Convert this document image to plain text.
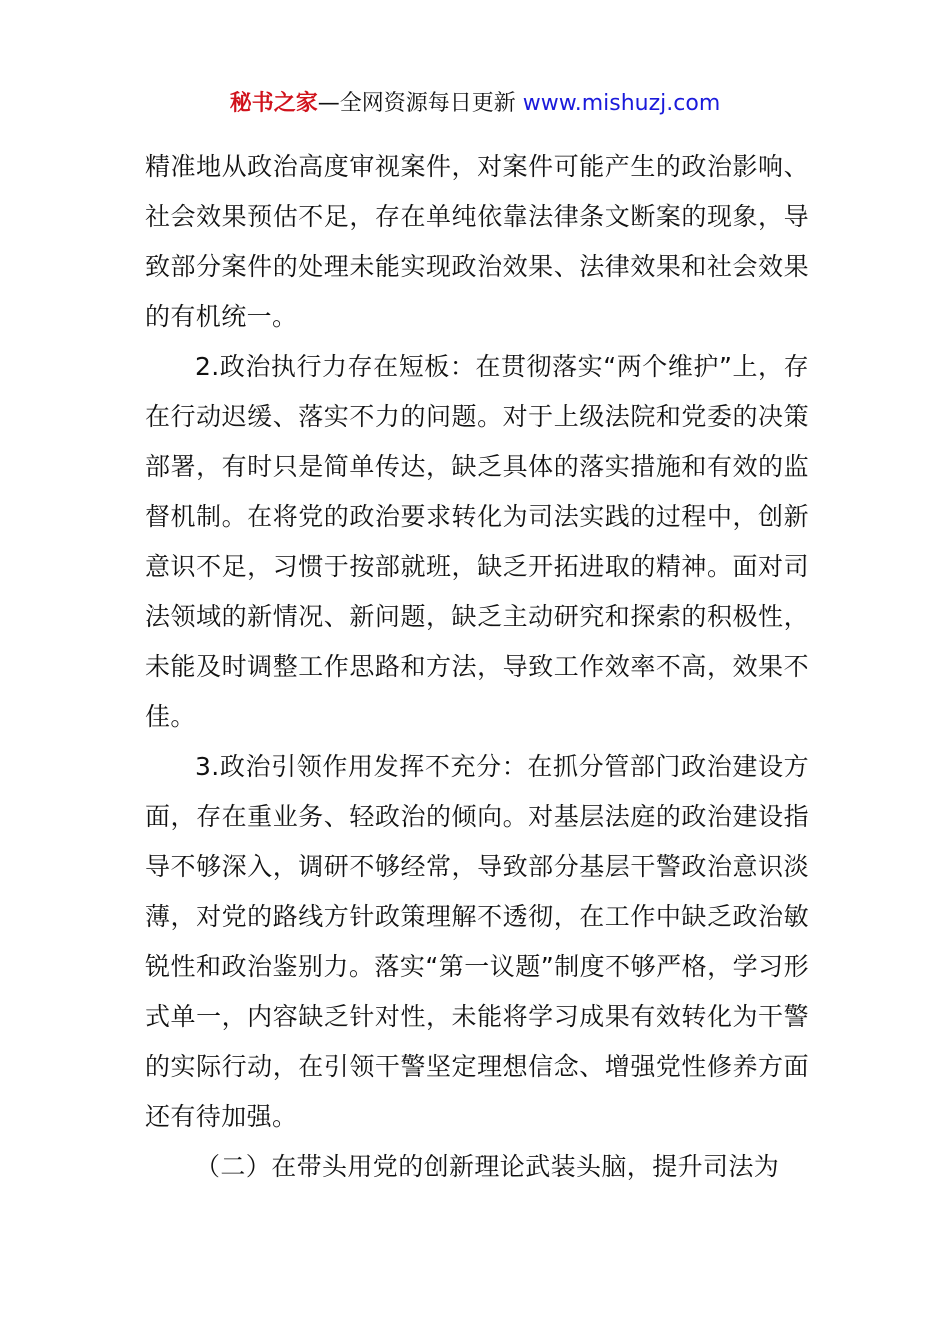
秘书之家—全网资源每日更新 www.mishuzj.com

精准地从政治高度审视案件，对案件可能产生的政治影响、社会效果预估不足，存在单纯依靠法律条文断案的现象，导致部分案件的处理未能实现政治效果、法律效果和社会效果的有机统一。

2.政治执行力存在短板：在贯彻落实“两个维护”上，存在行动迟缓、落实不力的问题。对于上级法院和党委的决策部署，有时只是简单传达，缺乏具体的落实措施和有效的监督机制。在将党的政治要求转化为司法实践的过程中，创新意识不足，习惯于按部就班，缺乏开拓进取的精神。面对司法领域的新情况、新问题，缺乏主动研究和探索的积极性，未能及时调整工作思路和方法，导致工作效率不高，效果不佳。

3.政治引领作用发挥不充分：在抓分管部门政治建设方面，存在重业务、轻政治的倾向。对基层法庭的政治建设指导不够深入，调研不够经常，导致部分基层干警政治意识淡薄，对党的路线方针政策理解不透彻，在工作中缺乏政治敏锐性和政治鉴别力。落实“第一议题”制度不够严格，学习形式单一，内容缺乏针对性，未能将学习成果有效转化为干警的实际行动，在引领干警坚定理想信念、增强党性修养方面还有待加强。

（二）在带头用党的创新理论武装头脑，提升司法为
